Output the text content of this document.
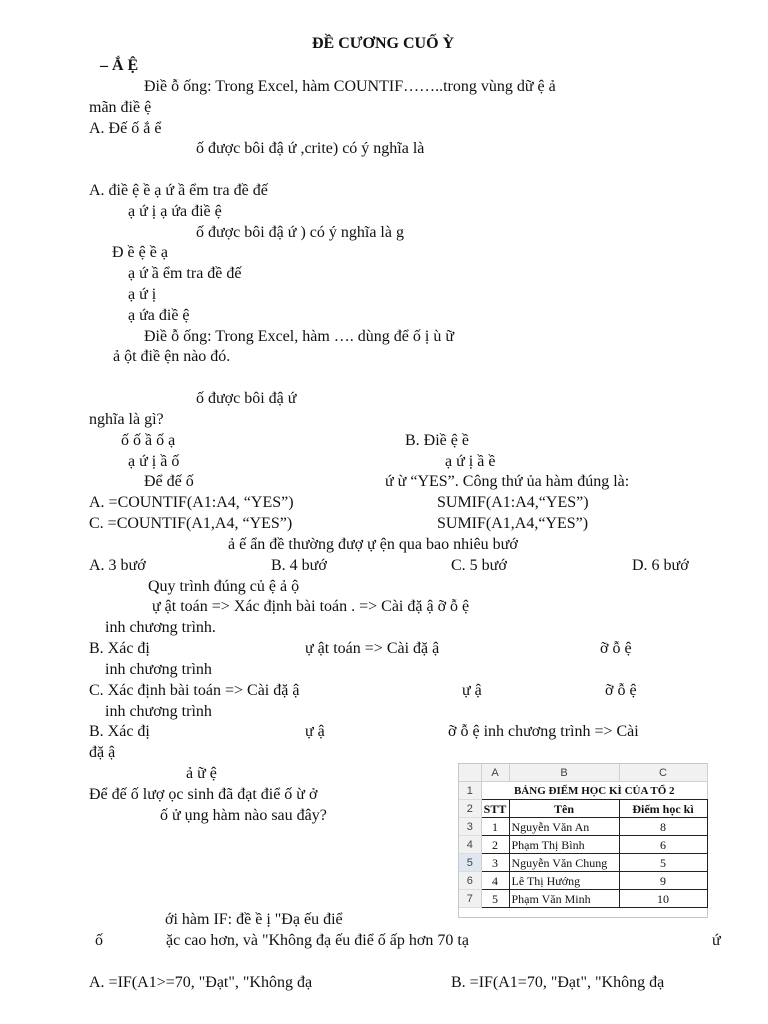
ĐỀ CƯƠNG CUỐ Ỳ
– Ắ Ệ
Điề ỗ ống: Trong Excel, hàm COUNTIF……..trong vùng dữ ệ ả
mãn điề ệ
A. Đế ố ắ ể
ố được bôi đậ ứ ,crite) có ý nghĩa là
A. điề ệ ề ạ ứ ầ ểm tra đề đế
ạ ứ ị ạ ứa điề ệ
ố được bôi đậ ứ ) có ý nghĩa là g
Đ ề ệ ề ạ
ạ ứ ầ ểm tra đề đế
ạ ứ ị
ạ ứa điề ệ
Điề ỗ ống: Trong Excel, hàm …. dùng để ố ị ù ữ
ả ột điề ện nào đó.
ố được bôi đậ ứ
nghĩa là gì?
ố ố ầ ố ạ	B. Điề ệ ề
ạ ứ ị ầ ố	ạ ứ ị ầ ề
Để đế ố	ứ ừ “YES”. Công thứ ủa hàm đúng là:
A. =COUNTIF(A1:A4, “YES”)	SUMIF(A1:A4,“YES”)
C. =COUNTIF(A1,A4, “YES”)	SUMIF(A1,A4,“YES”)
ả ế ẩn đề thường đượ ự ện qua bao nhiêu bướ
A. 3 bướ	B. 4 bướ	C. 5 bướ	D. 6 bướ
Quy trình đúng củ ệ ả ộ
ự ật toán => Xác định bài toán . => Cài đặ ậ ỡ ỗ ệ
inh chương trình.
B. Xác đị	ự ật toán => Cài đặ ậ	ỡ ỗ ệ
inh chương trình
C. Xác định bài toán => Cài đặ ậ	ự ậ	ỡ ỗ ệ
inh chương trình
B. Xác đị	ự ậ	ỡ ỗ ệ inh chương trình => Cài
đặ ậ
ả ữ ệ
Để đế ố lượ ọc sinh đã đạt điể ố ừ ở
ố ử ụng hàm nào sau đây?
	A	B	C
1	BẢNG ĐIỂM HỌC KÌ CỦA TỔ 2		
2	STT	Tên	Điểm học kì
3	1	Nguyễn Văn An	8
4	2	Phạm Thị Bình	6
5	3	Nguyễn Văn Chung	5
6	4	Lê Thị Hướng	9
7	5	Phạm Văn Minh	10
ới hàm IF: đề ề ị "Đạ ếu điể
ố	ặc cao hơn, và "Không đạ ếu điể ố ấp hơn 70 tạ	ứ
A. =IF(A1>=70, "Đạt", "Không đạ	B. =IF(A1=70, "Đạt", "Không đạ
